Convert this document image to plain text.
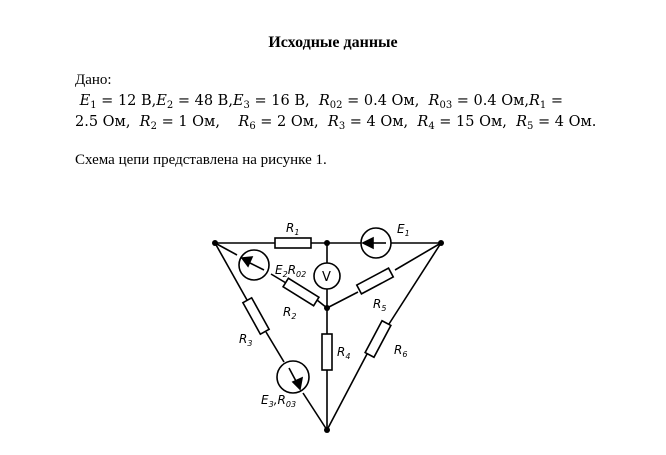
Исходные данные
Дано:
$E_1 = 12$ $В,E_2 = 48$ $В,E_3 = 16$ В, $R_{02} = 0.4$ Ом, $R_{03} = 0.4$ $Ом,R_1$ =
2.5 Ом, $R_2 = 1$ Ом, $R_6 = 2$ Ом, $R_3 = 4$ Ом, $R_4 = 15$ Ом, $R_5 = 4$ Ом.
Схема цепи представлена на рисунке 1.
$R_1$	$E_1$
$E_2R_{02}$ V
$R_2$
$R_5$
$R_3$
$R_4$	$R_6$
$E_3,R_{03}$
